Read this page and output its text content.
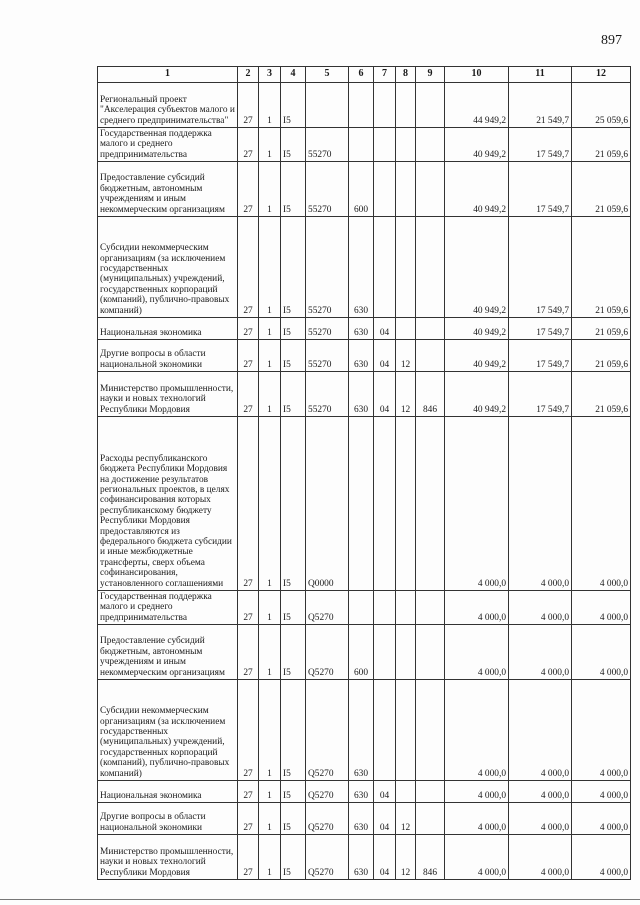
897
1	2	3	4	5	6	7	8	9	10	11	12
Региональный проект "Акселерация субъектов малого и среднего предпринимательства"	27	1	I5						44 949,2	21 549,7	25 059,6
Государственная поддержка малого и среднего предпринимательства	27	1	I5	55270					40 949,2	17 549,7	21 059,6
Предоставление субсидий бюджетным, автономным учреждениям и иным некоммерческим организациям	27	1	I5	55270	600				40 949,2	17 549,7	21 059,6
Субсидии некоммерческим организациям (за исключением государственных (муниципальных) учреждений, государственных корпораций (компаний), публично-правовых компаний)	27	1	I5	55270	630				40 949,2	17 549,7	21 059,6

Национальная экономика	27	1	I5	55270	630	04			40 949,2	17 549,7	21 059,6

Другие вопросы в области национальной экономики	27	1	I5	55270	630	04	12		40 949,2	17 549,7	21 059,6
Министерство промышленности, науки и новых технологий Республики Мордовия	27	1	I5	55270	630	04	12	846	40 949,2	17 549,7	21 059,6
Расходы республиканского бюджета Республики Мордовия на достижение результатов региональных проектов, в целях софинансирования которых республиканскому бюджету Республики Мордовия предоставляются из федерального бюджета субсидии и иные межбюджетные трансферты, сверх объема софинансирования, установленного соглашениями	27	1	I5	Q0000					4 000,0	4 000,0	4 000,0
Государственная поддержка малого и среднего предпринимательства	27	1	I5	Q5270					4 000,0	4 000,0	4 000,0
Предоставление субсидий бюджетным, автономным учреждениям и иным некоммерческим организациям	27	1	I5	Q5270	600				4 000,0	4 000,0	4 000,0
Субсидии некоммерческим организациям (за исключением государственных (муниципальных) учреждений, государственных корпораций (компаний), публично-правовых компаний)	27	1	I5	Q5270	630				4 000,0	4 000,0	4 000,0

Национальная экономика	27	1	I5	Q5270	630	04			4 000,0	4 000,0	4 000,0

Другие вопросы в области национальной экономики	27	1	I5	Q5270	630	04	12		4 000,0	4 000,0	4 000,0
Министерство промышленности, науки и новых технологий Республики Мордовия	27	1	I5	Q5270	630	04	12	846	4 000,0	4 000,0	4 000,0
